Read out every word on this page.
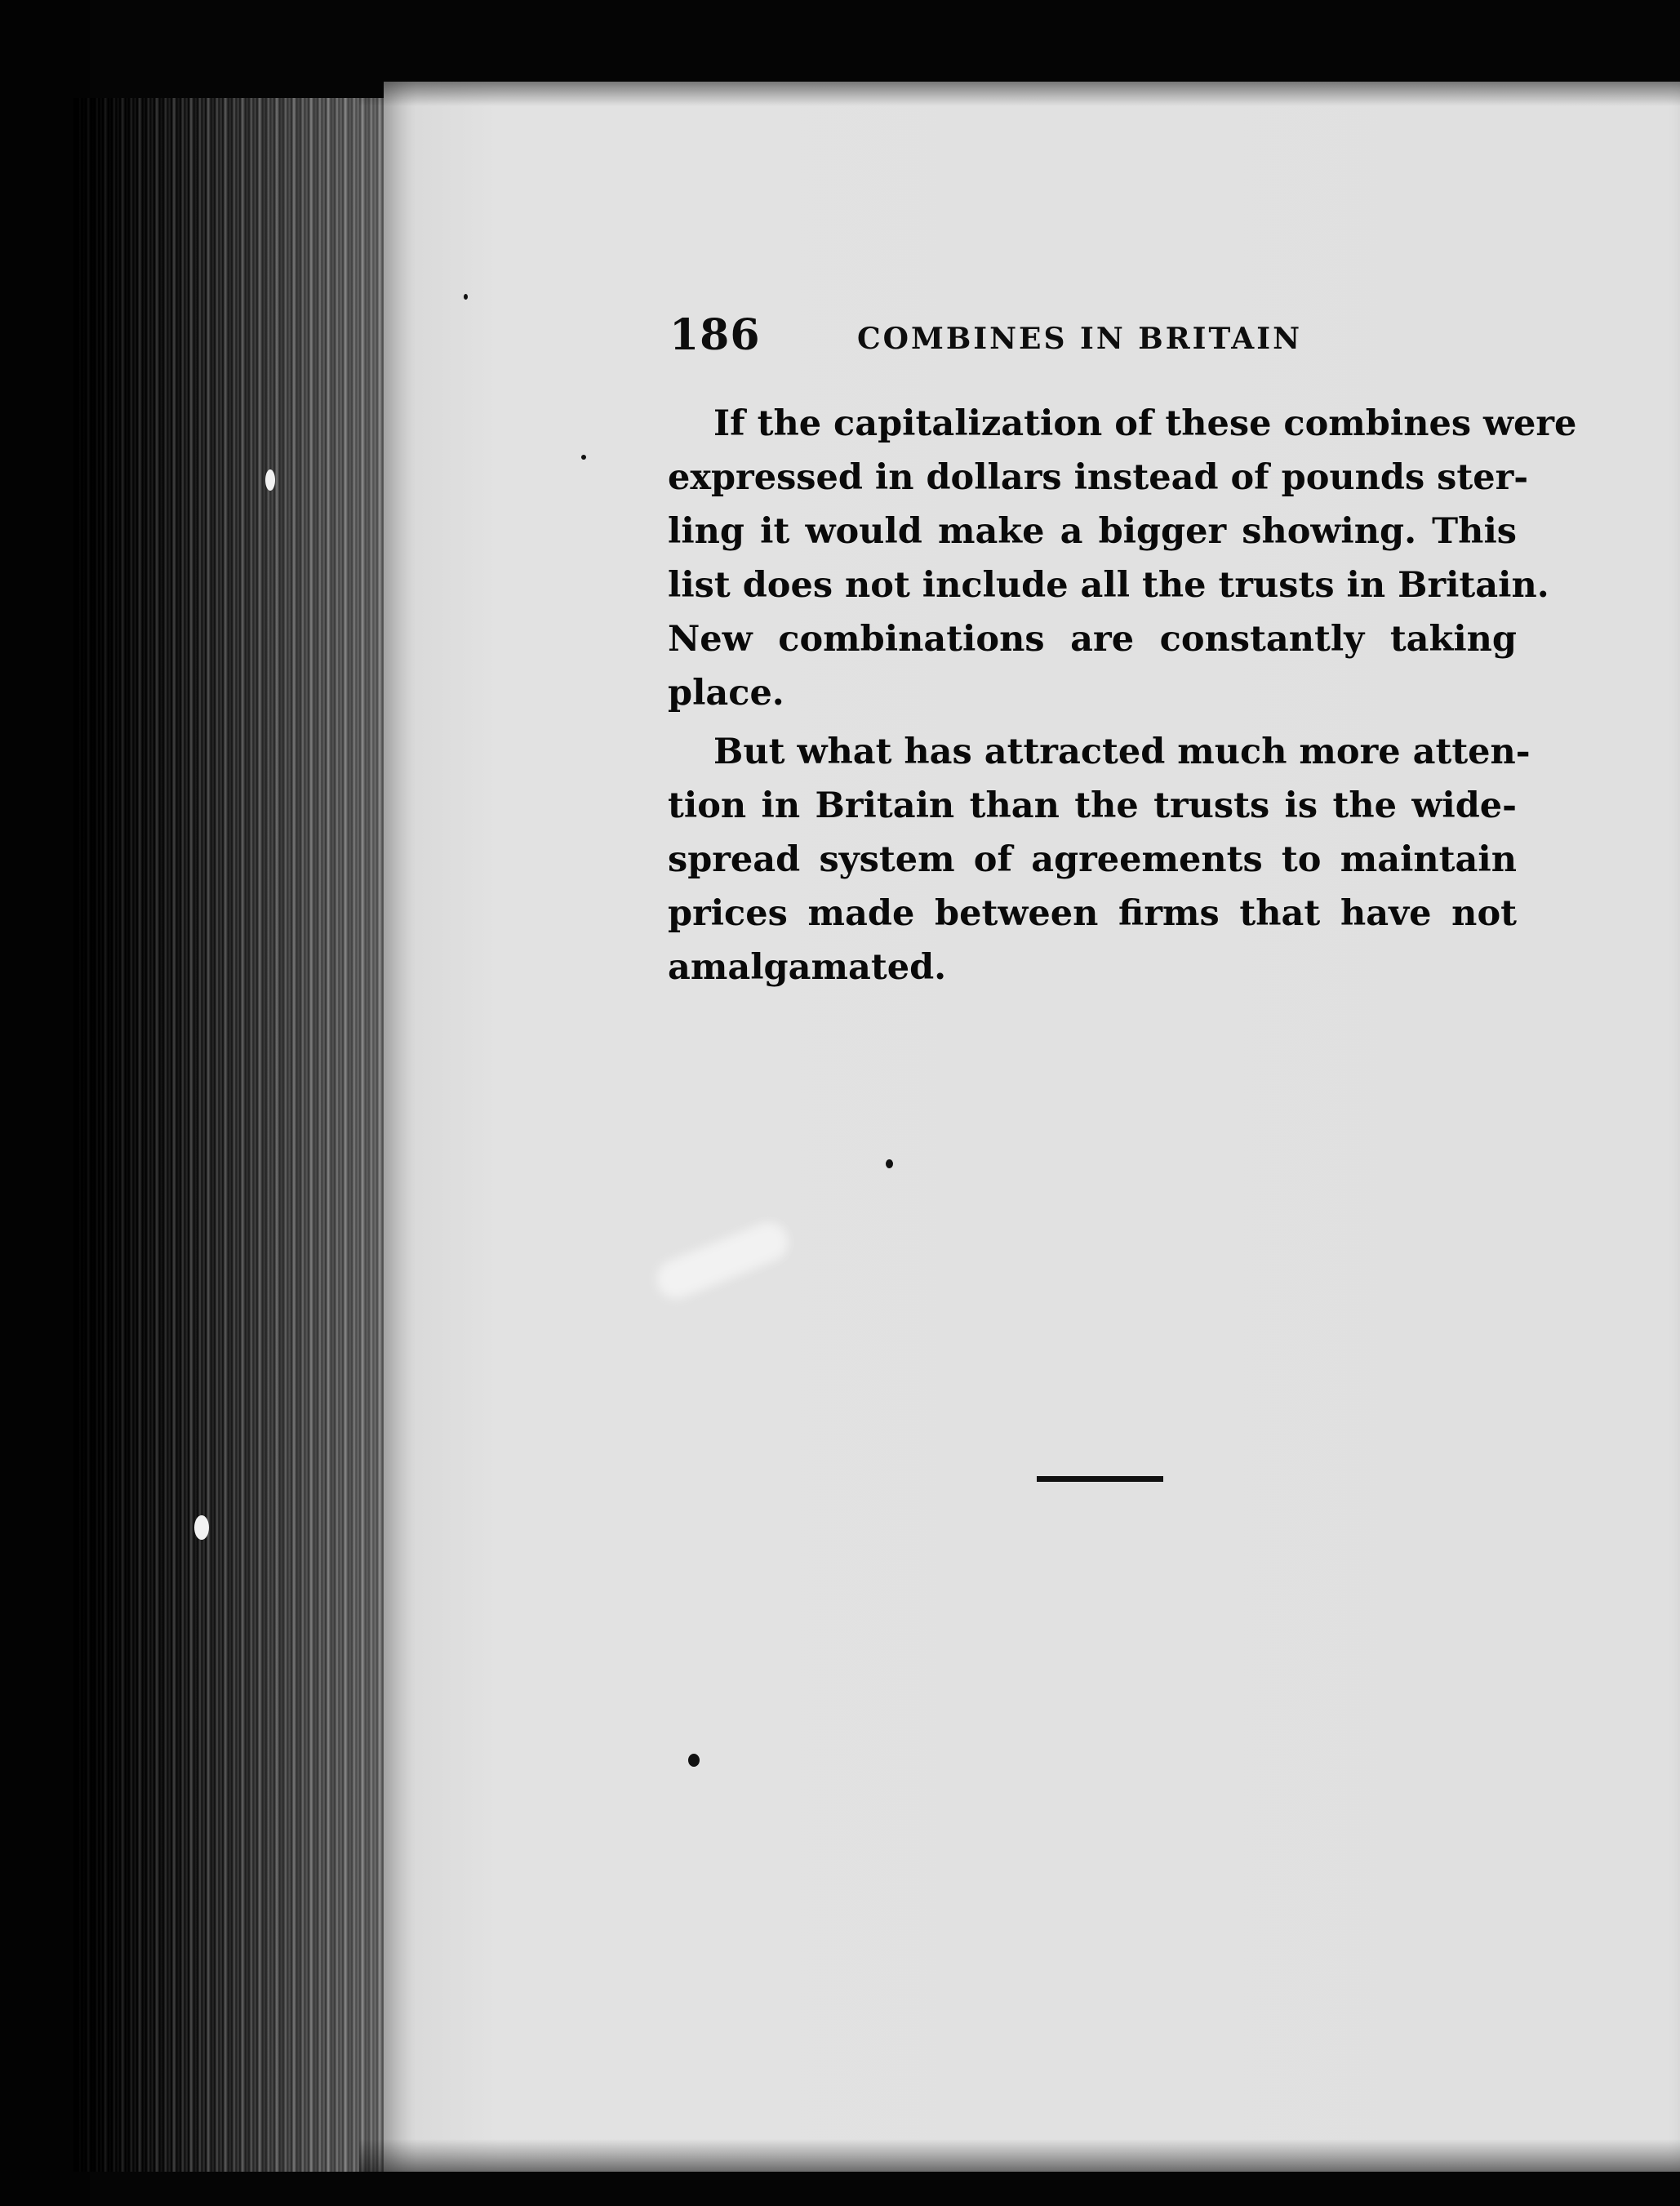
186	COMBINES IN BRITAIN
If the capitalization of these combines were
expressed in dollars instead of pounds ster-
ling it would make a bigger showing. This
list does not include all the trusts in Britain.
New combinations are constantly taking
place.
But what has attracted much more atten-
tion in Britain than the trusts is the wide-
spread system of agreements to maintain
prices made between firms that have not
amalgamated.
